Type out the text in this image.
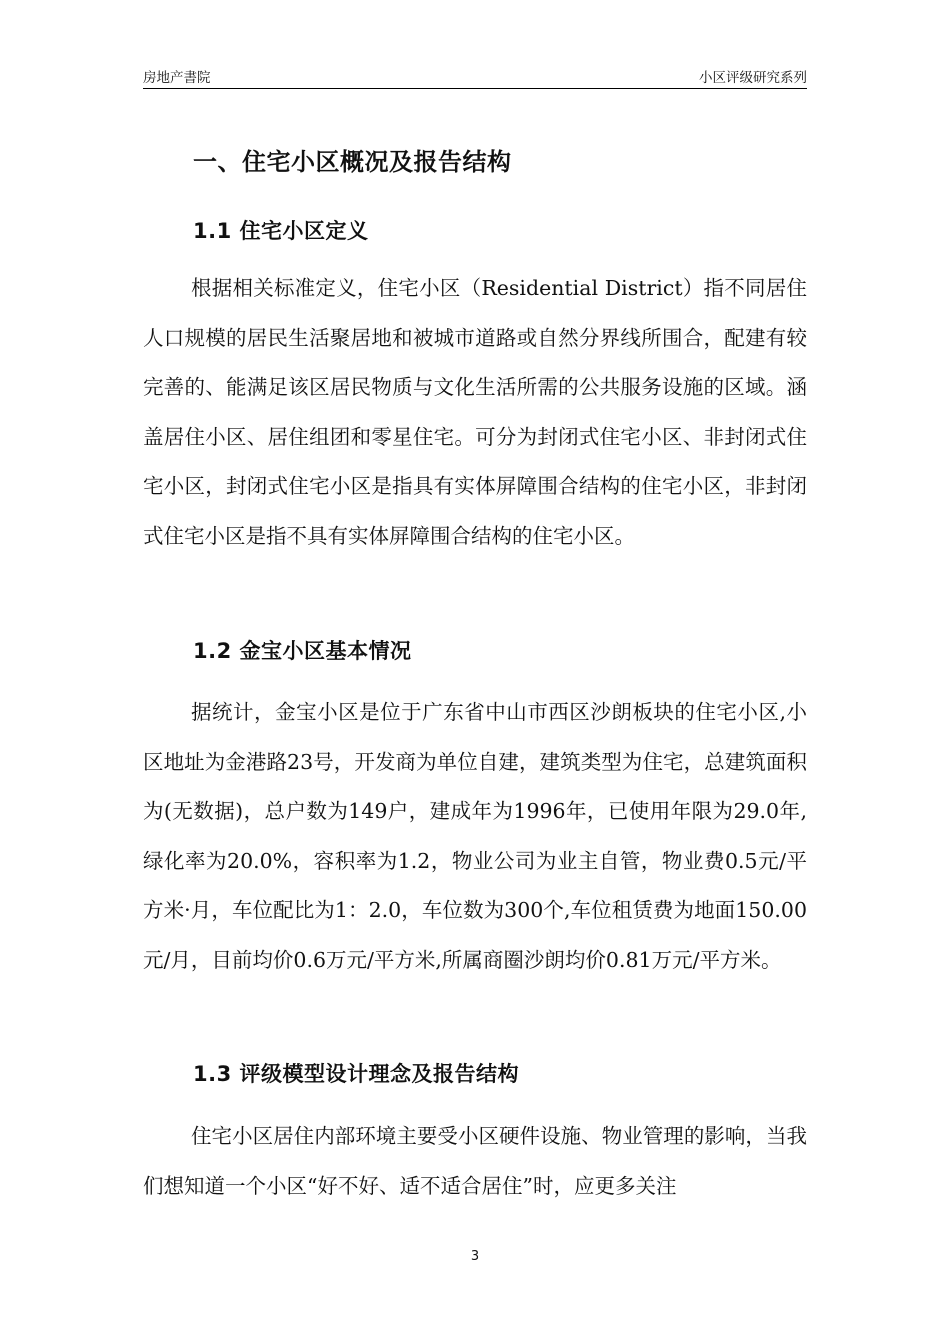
房地产書院	小区评级研究系列
一、住宅小区概况及报告结构
1.1 住宅小区定义

根据相关标准定义，住宅小区（Residential District）指不同居住人口规模的居民生活聚居地和被城市道路或自然分界线所围合，配建有较完善的、能满足该区居民物质与文化生活所需的公共服务设施的区域。涵盖居住小区、居住组团和零星住宅。可分为封闭式住宅小区、非封闭式住宅小区，封闭式住宅小区是指具有实体屏障围合结构的住宅小区，非封闭式住宅小区是指不具有实体屏障围合结构的住宅小区。

1.2 金宝小区基本情况

据统计，金宝小区是位于广东省中山市西区沙朗板块的住宅小区,小区地址为金港路23号，开发商为单位自建，建筑类型为住宅，总建筑面积为(无数据)，总户数为149户，建成年为1996年，已使用年限为29.0年,绿化率为20.0%，容积率为1.2，物业公司为业主自管，物业费0.5元/平方米·月，车位配比为1：2.0，车位数为300个,车位租赁费为地面150.00元/月，目前均价0.6万元/平方米,所属商圈沙朗均价0.81万元/平方米。

1.3 评级模型设计理念及报告结构

住宅小区居住内部环境主要受小区硬件设施、物业管理的影响，当我们想知道一个小区“好不好、适不适合居住”时，应更多关注

3
